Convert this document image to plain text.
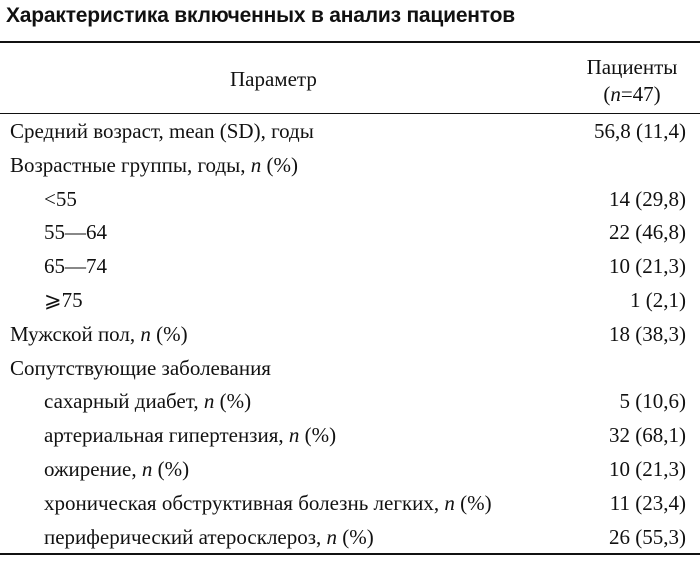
Характеристика включенных в анализ пациентов
Параметр	Пациенты
(n=47)
Средний возраст, mean (SD), годы	56,8 (11,4)
Возрастные группы, годы, n (%)
<55	14 (29,8)
55—64	22 (46,8)
65—74	10 (21,3)
⩾75	1 (2,1)
Мужской пол, n (%)	18 (38,3)
Сопутствующие заболевания
сахарный диабет, n (%)	5 (10,6)
артериальная гипертензия, n (%)	32 (68,1)
ожирение, n (%)	10 (21,3)
хроническая обструктивная болезнь легких, n (%)	11 (23,4)
периферический атеросклероз, n (%)	26 (55,3)
